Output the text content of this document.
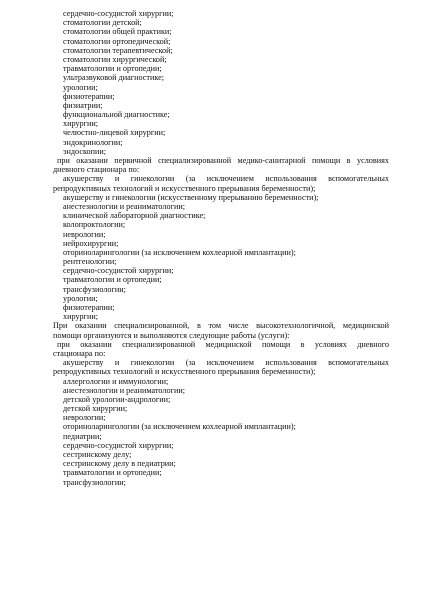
сердечно-сосудистой хирургии;
стоматологии детской;
стоматологии общей практики;
стоматологии ортопедической;
стоматологии терапевтической;
стоматологии хирургической;
травматологии и ортопедии;
ультразвуковой диагностике;
урологии;
физиотерапии;
физиатрии;
функциональной диагностике;
хирургии;
челюстно-лицевой хирургии;
эндокринологии;
эндоскопии;
при оказании первичной специализированной медико-санитарной помощи в условиях
дневного стационара по:
акушерству и гинекологии (за исключением использования вспомогательных
репродуктивных технологий и искусственного прерывания беременности);
акушерству и гинекологии (искусственному прерыванию беременности);
анестезиологии и реаниматологии;
клинической лабораторной диагностике;
колопроктологии;
неврологии;
нейрохирургии;
оториноларингологии (за исключением кохлеарной имплантации);
рентгенологии;
сердечно-сосудистой хирургии;
травматологии и ортопедии;
трансфузиологии;
урологии;
физиотерапии;
хирургии;
При оказании специализированной, в том числе высокотехнологичной, медицинской
помощи организуются и выполняются следующие работы (услуги):
при оказании специализированной медицинской помощи в условиях дневного
стационара по:
акушерству и гинекологии (за исключением использования вспомогательных
репродуктивных технологий и искусственного прерывания беременности);
аллергологии и иммунологии;
анестезиологии и реаниматологии;
детской урологии-андрологии;
детской хирургии;
неврологии;
оториноларингологии (за исключением кохлеарной имплантации);
педиатрии;
сердечно-сосудистой хирургии;
сестринскому делу;
сестринскому делу в педиатрии;
травматологии и ортопедии;
трансфузиологии;
